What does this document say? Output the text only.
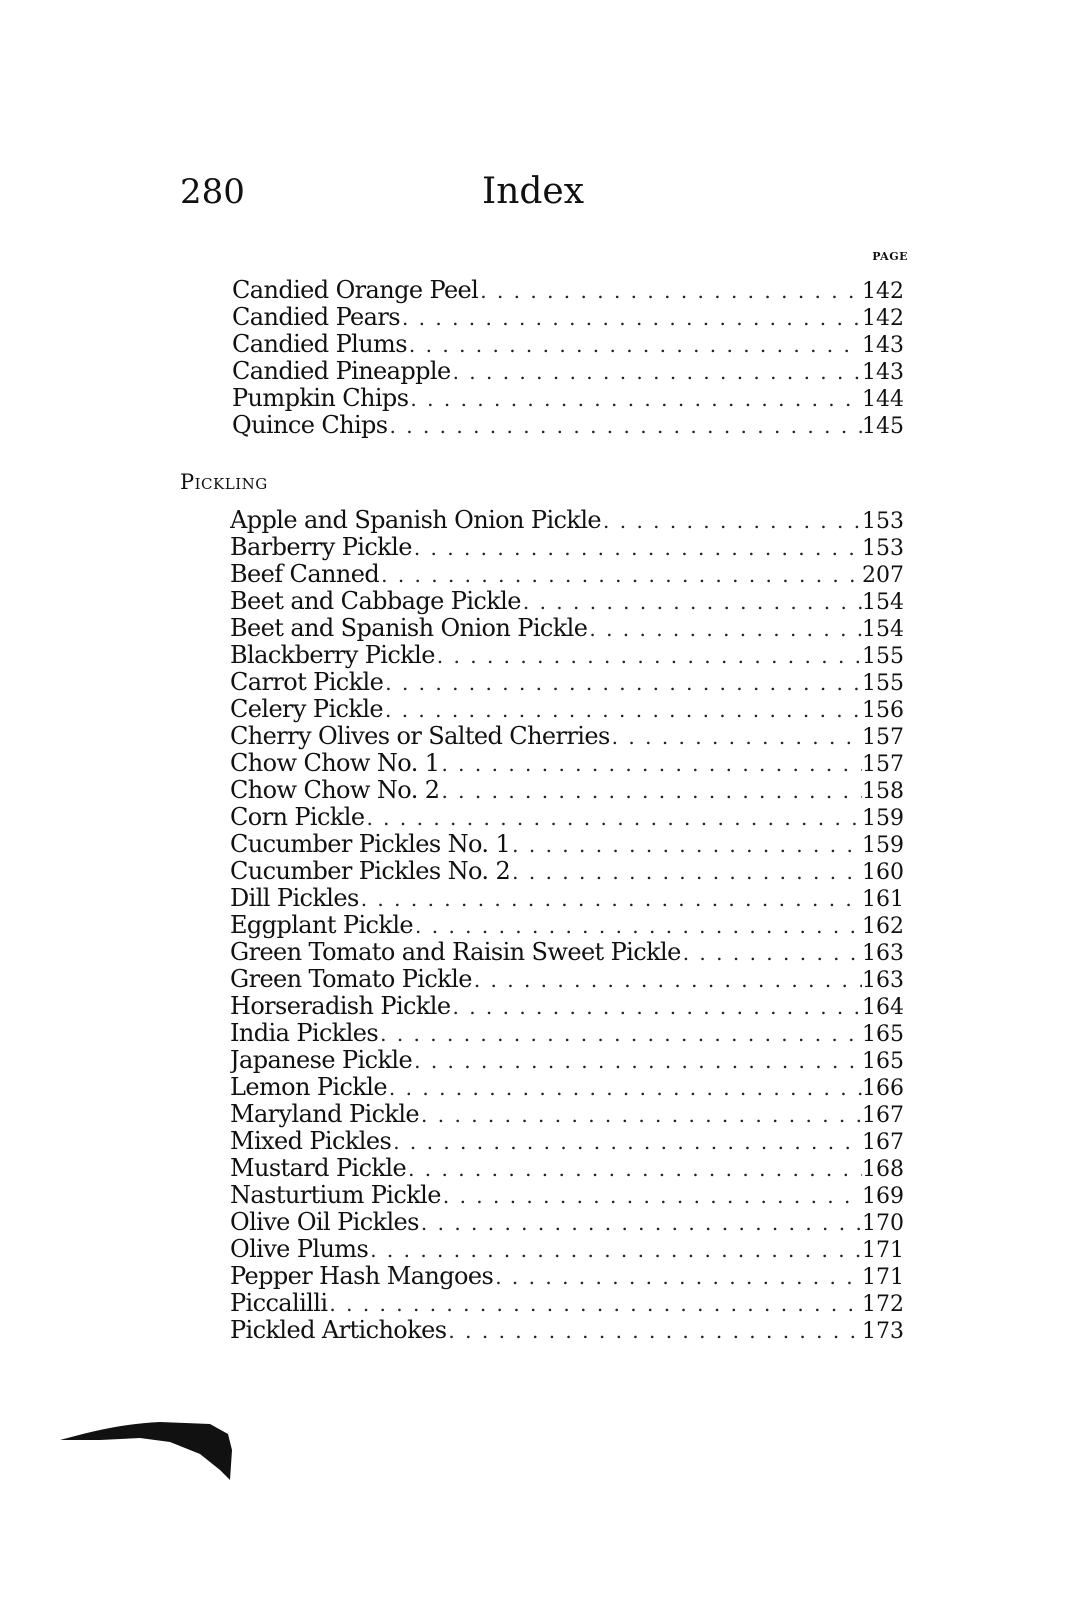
280	Index
PAGE
Candied Orange Peel . . .	142
Candied Pears . . .	142
Candied Plums . . .	143
Candied Pineapple . . .	143
Pumpkin Chips . . .	144
Quince Chips . . .	145
Pickling
Apple and Spanish Onion Pickle . . .	153
Barberry Pickle . . .	153
Beef Canned . . .	207
Beet and Cabbage Pickle . . .	154
Beet and Spanish Onion Pickle . . .	154
Blackberry Pickle . . .	155
Carrot Pickle . . .	155
Celery Pickle . . .	156
Cherry Olives or Salted Cherries . . .	157
Chow Chow No. 1 . . .	157
Chow Chow No. 2 . . .	158
Corn Pickle . . .	159
Cucumber Pickles No. 1 . . .	159
Cucumber Pickles No. 2 . . .	160
Dill Pickles . . .	161
Eggplant Pickle . . .	162
Green Tomato and Raisin Sweet Pickle . . .	163
Green Tomato Pickle . . .	163
Horseradish Pickle . . .	164
India Pickles . . .	165
Japanese Pickle . . .	165
Lemon Pickle . . .	166
Maryland Pickle . . .	167
Mixed Pickles . . .	167
Mustard Pickle . . .	168
Nasturtium Pickle . . .	169
Olive Oil Pickles . . .	170
Olive Plums . . .	171
Pepper Hash Mangoes . . .	171
Piccalilli . . .	172
Pickled Artichokes . . .	173
